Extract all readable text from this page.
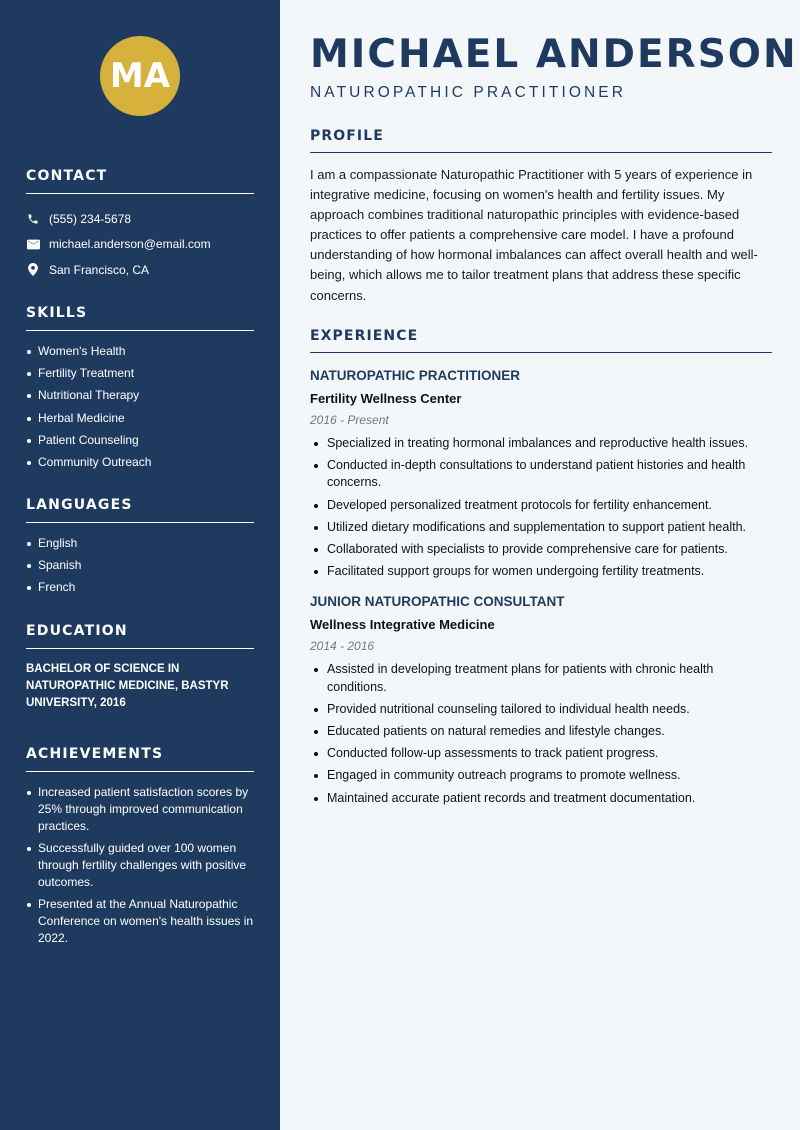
MA
CONTACT
(555) 234-5678
michael.anderson@email.com
San Francisco, CA
SKILLS
Women's Health
Fertility Treatment
Nutritional Therapy
Herbal Medicine
Patient Counseling
Community Outreach
LANGUAGES
English
Spanish
French
EDUCATION
BACHELOR OF SCIENCE IN NATUROPATHIC MEDICINE, BASTYR UNIVERSITY, 2016
ACHIEVEMENTS
Increased patient satisfaction scores by 25% through improved communication practices.
Successfully guided over 100 women through fertility challenges with positive outcomes.
Presented at the Annual Naturopathic Conference on women's health issues in 2022.
MICHAEL ANDERSON
NATUROPATHIC PRACTITIONER
PROFILE
I am a compassionate Naturopathic Practitioner with 5 years of experience in integrative medicine, focusing on women's health and fertility issues. My approach combines traditional naturopathic principles with evidence-based practices to offer patients a comprehensive care model. I have a profound understanding of how hormonal imbalances can affect overall health and well-being, which allows me to tailor treatment plans that address these specific concerns.
EXPERIENCE
NATUROPATHIC PRACTITIONER
Fertility Wellness Center
2016 - Present
Specialized in treating hormonal imbalances and reproductive health issues.
Conducted in-depth consultations to understand patient histories and health concerns.
Developed personalized treatment protocols for fertility enhancement.
Utilized dietary modifications and supplementation to support patient health.
Collaborated with specialists to provide comprehensive care for patients.
Facilitated support groups for women undergoing fertility treatments.
JUNIOR NATUROPATHIC CONSULTANT
Wellness Integrative Medicine
2014 - 2016
Assisted in developing treatment plans for patients with chronic health conditions.
Provided nutritional counseling tailored to individual health needs.
Educated patients on natural remedies and lifestyle changes.
Conducted follow-up assessments to track patient progress.
Engaged in community outreach programs to promote wellness.
Maintained accurate patient records and treatment documentation.
